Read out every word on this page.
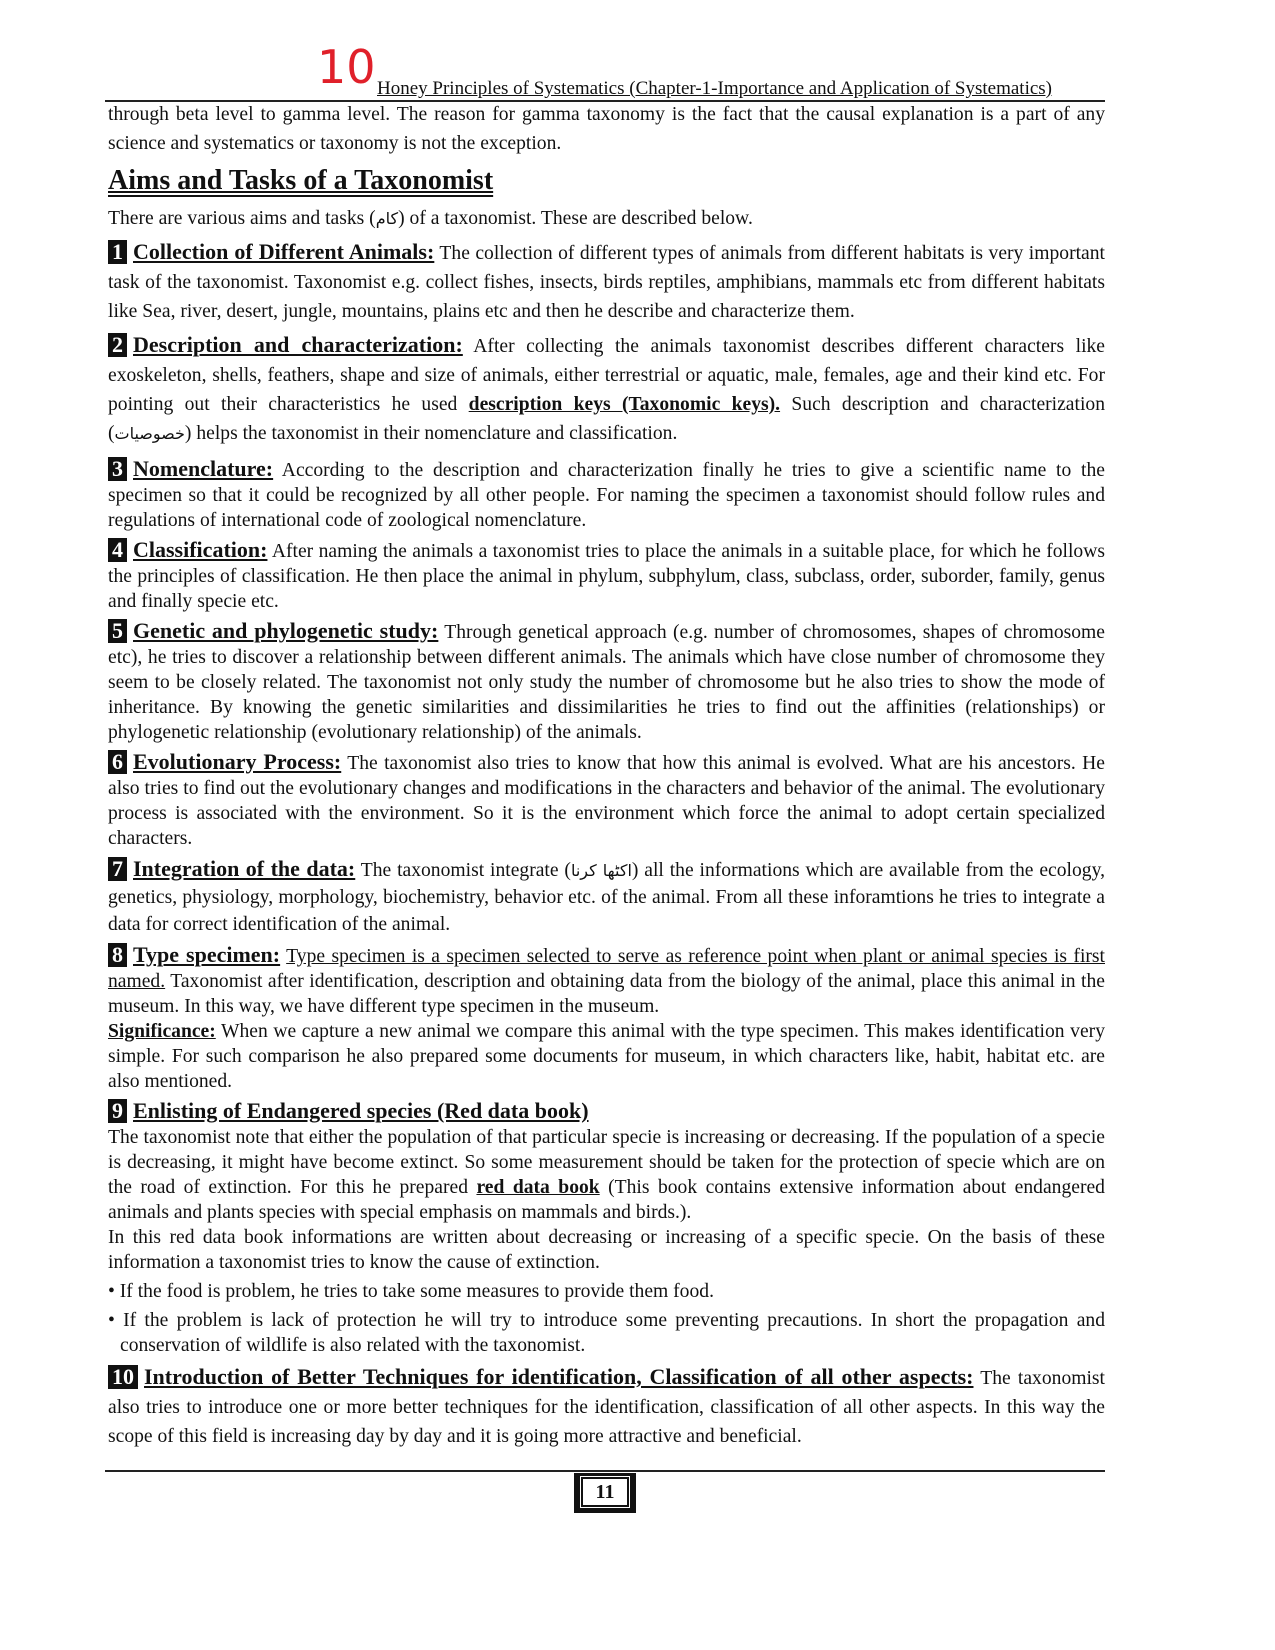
10 Honey Principles of Systematics (Chapter-1-Importance and Application of Systematics)

through beta level to gamma level. The reason for gamma taxonomy is the fact that the causal explanation is a part of any science and systematics or taxonomy is not the exception.

Aims and Tasks of a Taxonomist

There are various aims and tasks (کام) of a taxonomist. These are described below.

1 Collection of Different Animals: The collection of different types of animals from different habitats is very important task of the taxonomist. Taxonomist e.g. collect fishes, insects, birds reptiles, amphibians, mammals etc from different habitats like Sea, river, desert, jungle, mountains, plains etc and then he describe and characterize them.

2 Description and characterization: After collecting the animals taxonomist describes different characters like exoskeleton, shells, feathers, shape and size of animals, either terrestrial or aquatic, male, females, age and their kind etc. For pointing out their characteristics he used description keys (Taxonomic keys). Such description and characterization (خصوصیات) helps the taxonomist in their nomenclature and classification.

3 Nomenclature: According to the description and characterization finally he tries to give a scientific name to the specimen so that it could be recognized by all other people. For naming the specimen a taxonomist should follow rules and regulations of international code of zoological nomenclature.

4 Classification: After naming the animals a taxonomist tries to place the animals in a suitable place, for which he follows the principles of classification. He then place the animal in phylum, subphylum, class, subclass, order, suborder, family, genus and finally specie etc.

5 Genetic and phylogenetic study: Through genetical approach (e.g. number of chromosomes, shapes of chromosome etc), he tries to discover a relationship between different animals. The animals which have close number of chromosome they seem to be closely related. The taxonomist not only study the number of chromosome but he also tries to show the mode of inheritance. By knowing the genetic similarities and dissimilarities he tries to find out the affinities (relationships) or phylogenetic relationship (evolutionary relationship) of the animals.

6 Evolutionary Process: The taxonomist also tries to know that how this animal is evolved. What are his ancestors. He also tries to find out the evolutionary changes and modifications in the characters and behavior of the animal. The evolutionary process is associated with the environment. So it is the environment which force the animal to adopt certain specialized characters.

7 Integration of the data: The taxonomist integrate (اکٹھا کرنا) all the informations which are available from the ecology, genetics, physiology, morphology, biochemistry, behavior etc. of the animal. From all these inforamtions he tries to integrate a data for correct identification of the animal.

8 Type specimen: Type specimen is a specimen selected to serve as reference point when plant or animal species is first named. Taxonomist after identification, description and obtaining data from the biology of the animal, place this animal in the museum. In this way, we have different type specimen in the museum.

Significance: When we capture a new animal we compare this animal with the type specimen. This makes identification very simple. For such comparison he also prepared some documents for museum, in which characters like, habit, habitat etc. are also mentioned.

9 Enlisting of Endangered species (Red data book)

The taxonomist note that either the population of that particular specie is increasing or decreasing. If the population of a specie is decreasing, it might have become extinct. So some measurement should be taken for the protection of specie which are on the road of extinction. For this he prepared red data book (This book contains extensive information about endangered animals and plants species with special emphasis on mammals and birds.).

In this red data book informations are written about decreasing or increasing of a specific specie. On the basis of these information a taxonomist tries to know the cause of extinction.

• If the food is problem, he tries to take some measures to provide them food.

• If the problem is lack of protection he will try to introduce some preventing precautions. In short the propagation and conservation of wildlife is also related with the taxonomist.

10 Introduction of Better Techniques for identification, Classification of all other aspects: The taxonomist also tries to introduce one or more better techniques for the identification, classification of all other aspects. In this way the scope of this field is increasing day by day and it is going more attractive and beneficial.

11
